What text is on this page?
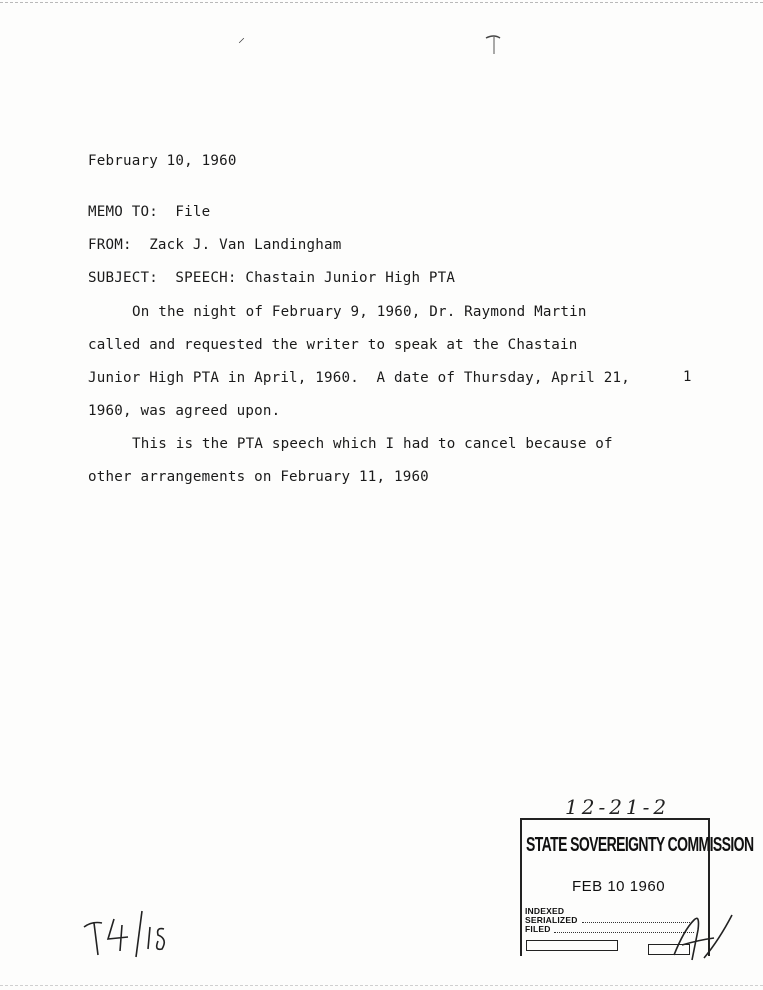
⸝
February 10, 1960
MEMO TO:  File
FROM:  Zack J. Van Landingham
SUBJECT:  SPEECH: Chastain Junior High PTA
On the night of February 9, 1960, Dr. Raymond Martin
called and requested the writer to speak at the Chastain
Junior High PTA in April, 1960.  A date of Thursday, April 21,	1
1960, was agreed upon.
This is the PTA speech which I had to cancel because of
other arrangements on February 11, 1960
12-21-2
STATE SOVEREIGNTY COMMISSION
FEB 10 1960
INDEXED
SERIALIZED
FILED
